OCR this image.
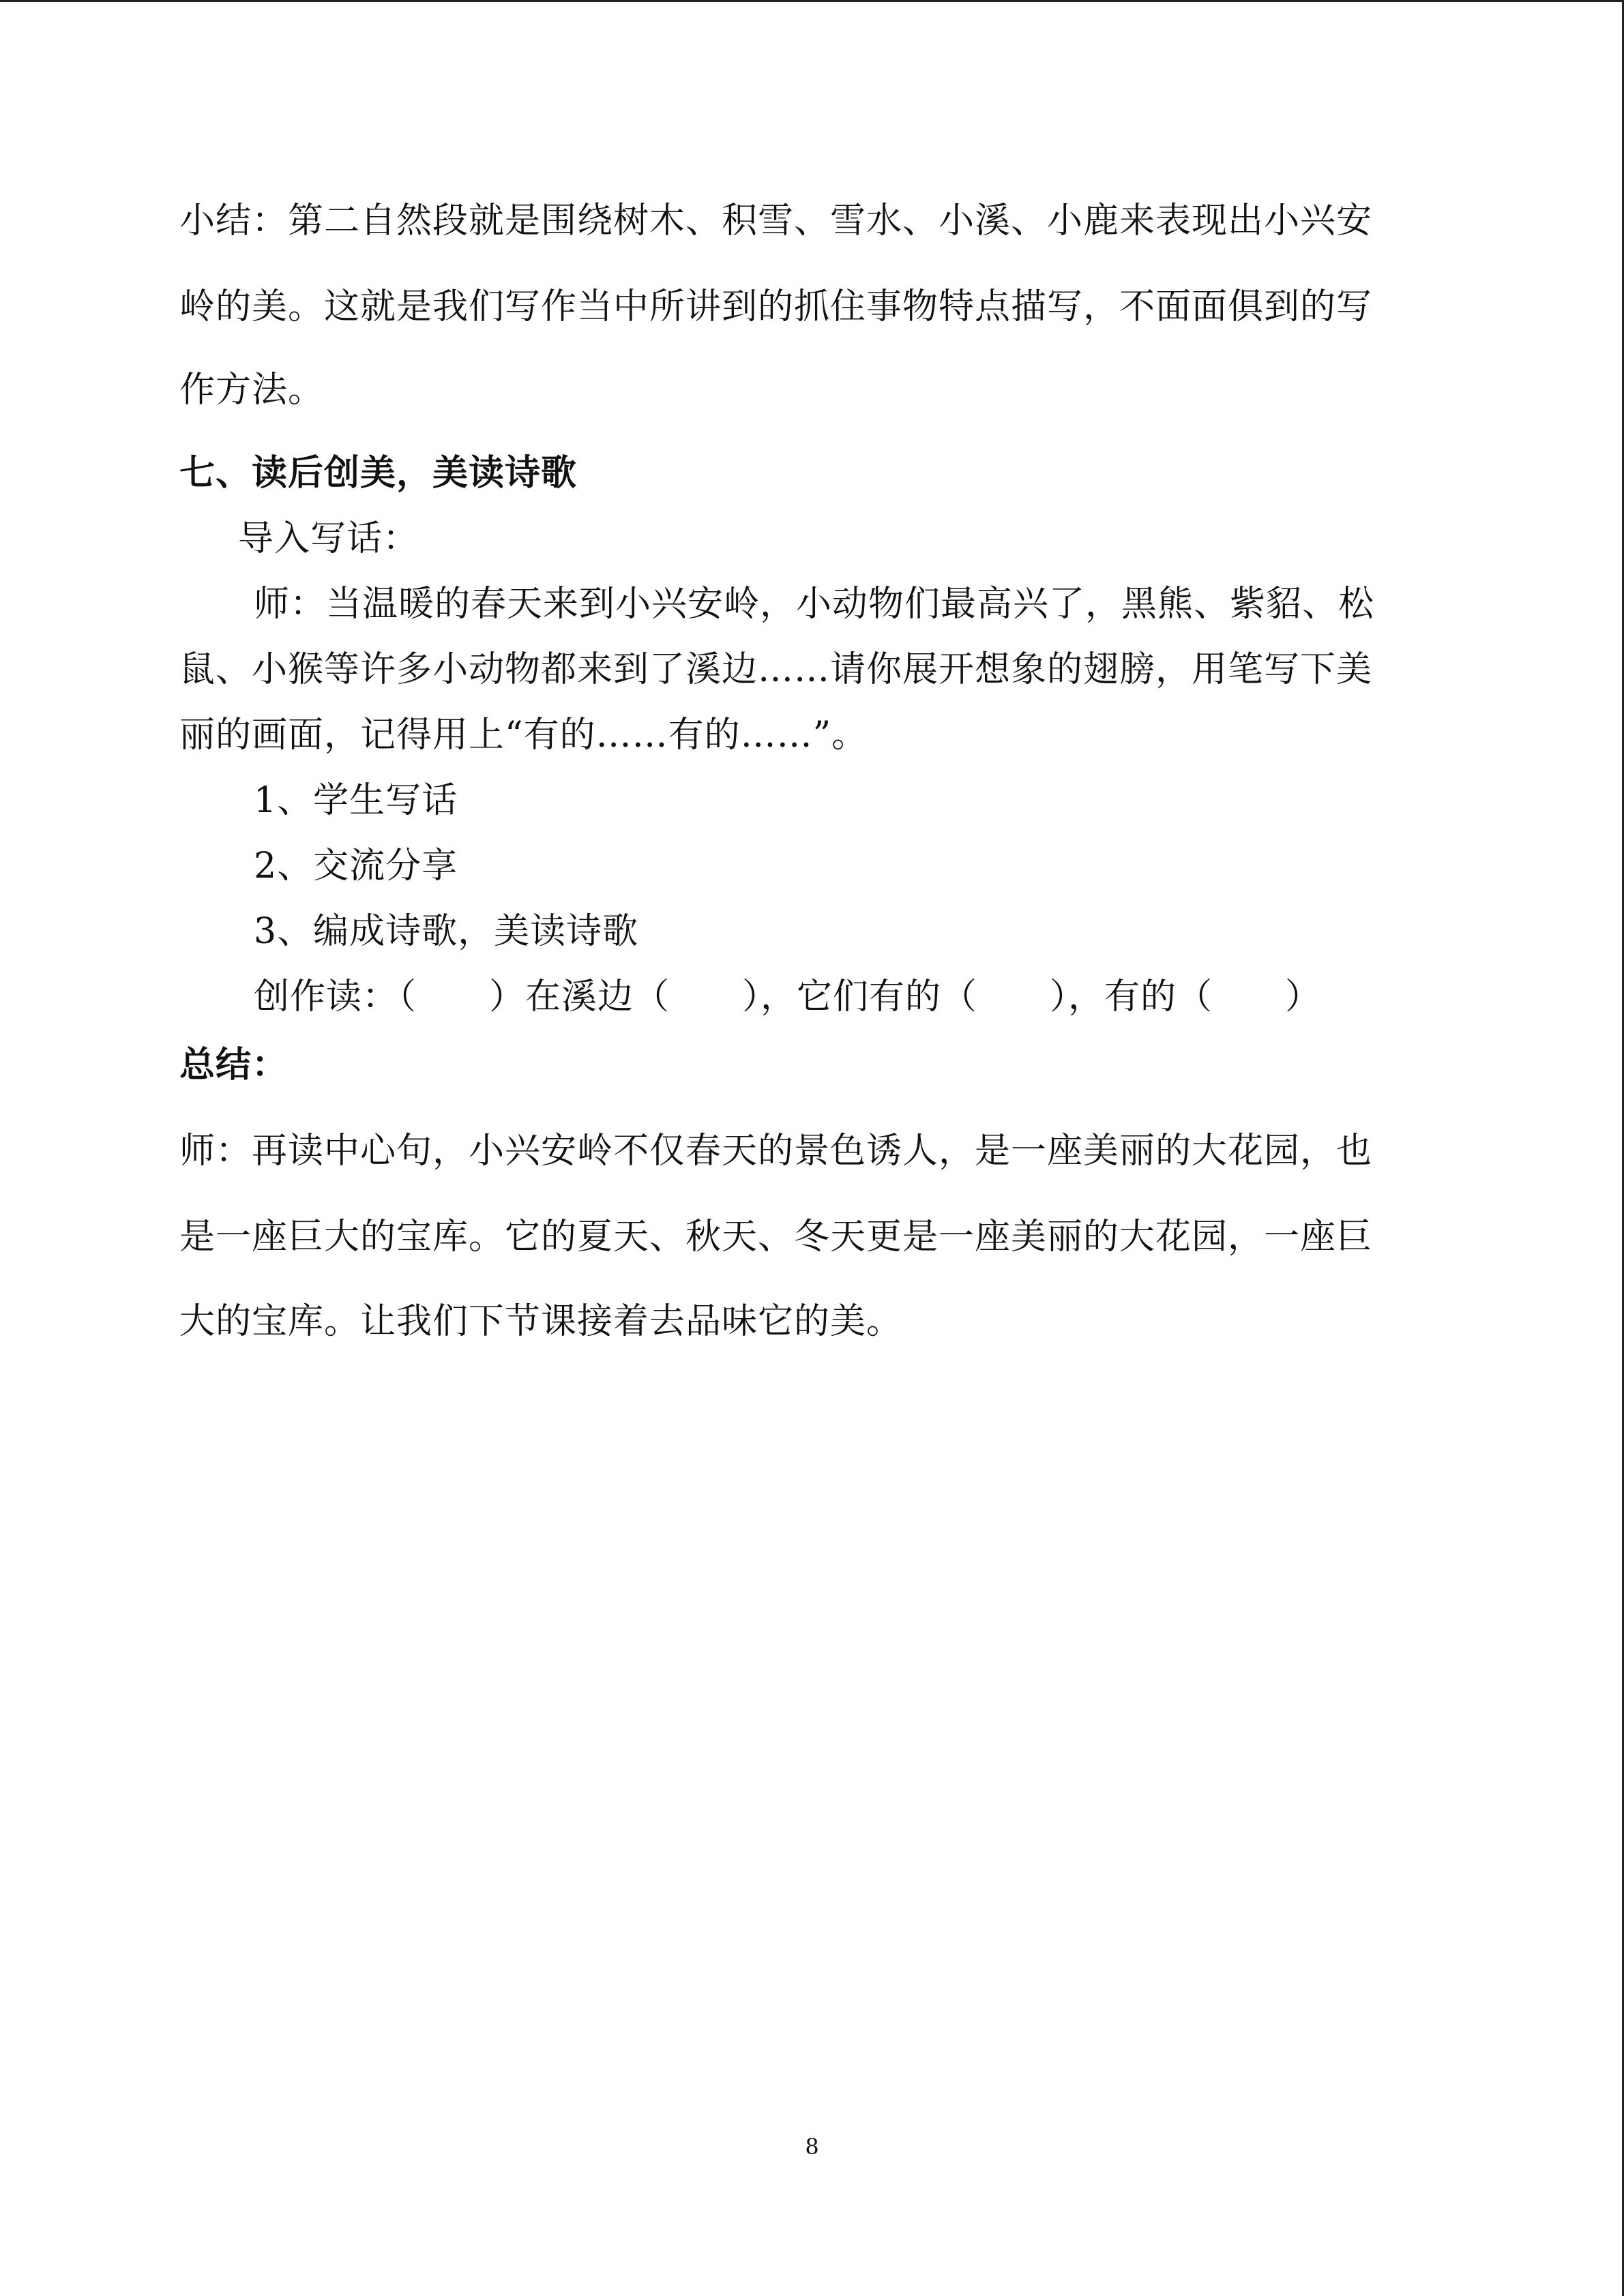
小结：第二自然段就是围绕树木、积雪、雪水、小溪、小鹿来表现出小兴安
岭的美。这就是我们写作当中所讲到的抓住事物特点描写，不面面俱到的写
作方法。
七、读后创美，美读诗歌
导入写话：
师：当温暖的春天来到小兴安岭，小动物们最高兴了，黑熊、紫貂、松
鼠、小猴等许多小动物都来到了溪边……请你展开想象的翅膀，用笔写下美
丽的画面，记得用上“有的……有的……”。
1、学生写话
2、交流分享
3、编成诗歌，美读诗歌
创作读：（　　）在溪边（　　），它们有的（　　），有的（　　）
总结：
师：再读中心句，小兴安岭不仅春天的景色诱人，是一座美丽的大花园，也
是一座巨大的宝库。它的夏天、秋天、冬天更是一座美丽的大花园，一座巨
大的宝库。让我们下节课接着去品味它的美。
8
